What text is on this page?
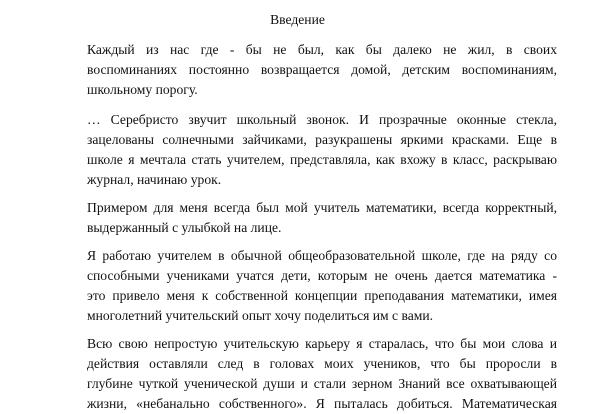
Введение
Каждый из нас где - бы не был, как бы далеко не жил, в своих
воспоминаниях постоянно возвращается домой, детским воспоминаниям,
школьному порогу.
… Серебристо звучит школьный звонок. И прозрачные оконные стекла,
зацелованы солнечными зайчиками, разукрашены яркими красками. Еще в
школе я мечтала стать учителем, представляла, как вхожу в класс, раскрываю
журнал, начинаю урок.
Примером для меня всегда был мой учитель математики, всегда корректный,
выдержанный с улыбкой на лице.
Я работаю учителем в обычной общеобразовательной школе, где на ряду со
способными учениками учатся дети, которым не очень дается математика -
это привело меня к собственной концепции преподавания математики, имея
многолетний учительский опыт хочу поделиться им с вами.
Всю свою непростую учительскую карьеру я старалась, что бы мои слова и
действия оставляли след в головах моих учеников, что бы проросли в
глубине чуткой ученической души и стали зерном Знаний все охватывающей
жизни, «небанально собственного». Я пыталась добиться. Математическая
